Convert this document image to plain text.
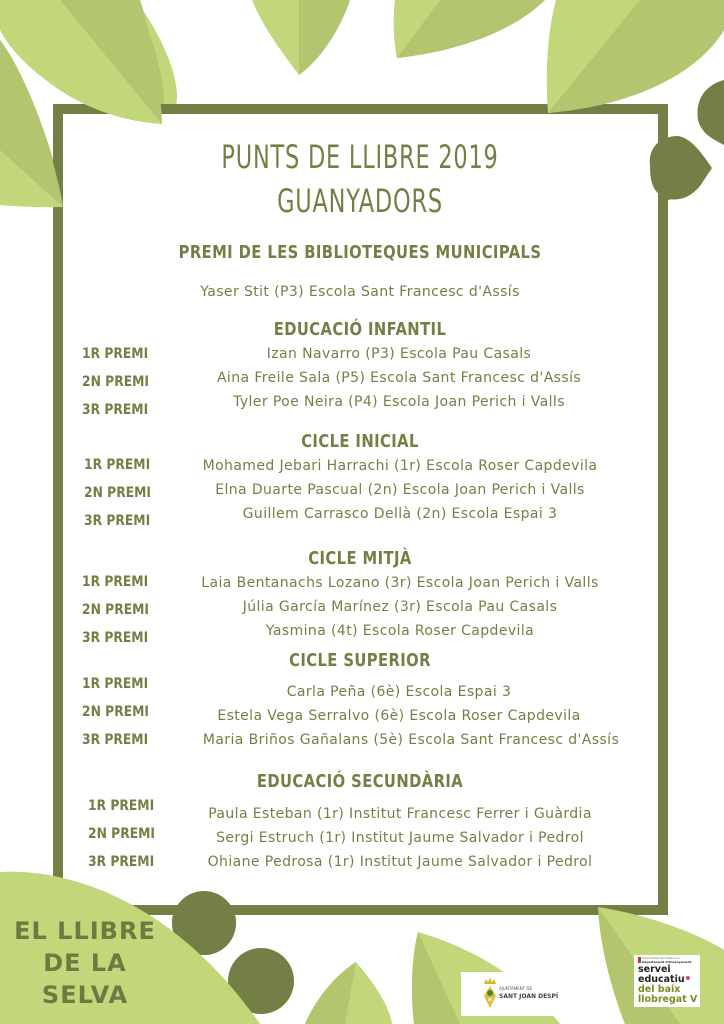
PUNTS DE LLIBRE 2019
GUANYADORS
PREMI DE LES BIBLIOTEQUES MUNICIPALS
Yaser Stit (P3) Escola Sant Francesc d'Assís
EDUCACIÓ INFANTIL
1R PREMI	Izan Navarro (P3) Escola Pau Casals
2N PREMI	Aina Freile Sala (P5) Escola Sant Francesc d'Assís
3R PREMI	Tyler Poe Neira (P4) Escola Joan Perich i Valls
CICLE INICIAL
1R PREMI	Mohamed Jebari Harrachi (1r) Escola Roser Capdevila
2N PREMI	Elna Duarte Pascual (2n) Escola Joan Perich i Valls
3R PREMI	Guillem Carrasco Dellà (2n) Escola Espai 3
CICLE MITJÀ
1R PREMI	Laia Bentanachs Lozano (3r) Escola Joan Perich i Valls
2N PREMI	Júlia García Marínez (3r) Escola Pau Casals
3R PREMI	Yasmina (4t) Escola Roser Capdevila
CICLE SUPERIOR
1R PREMI	Carla Peña (6è) Escola Espai 3
2N PREMI	Estela Vega Serralvo (6è) Escola Roser Capdevila
3R PREMI	Maria Briños Gañalans (5è) Escola Sant Francesc d'Assís
EDUCACIÓ SECUNDÀRIA
1R PREMI	Paula Esteban (1r) Institut Francesc Ferrer i Guàrdia
2N PREMI	Sergi Estruch (1r) Institut Jaume Salvador i Pedrol
3R PREMI	Ohiane Pedrosa (1r) Institut Jaume Salvador i Pedrol
EL LLIBRE
DE LA
SELVA	AJUNTAMENT DE
SANT JOAN DESPÍ
Generalitat de Catalunya
Departament d'Ensenyament
servei
educatiu
del baix
llobregat V
